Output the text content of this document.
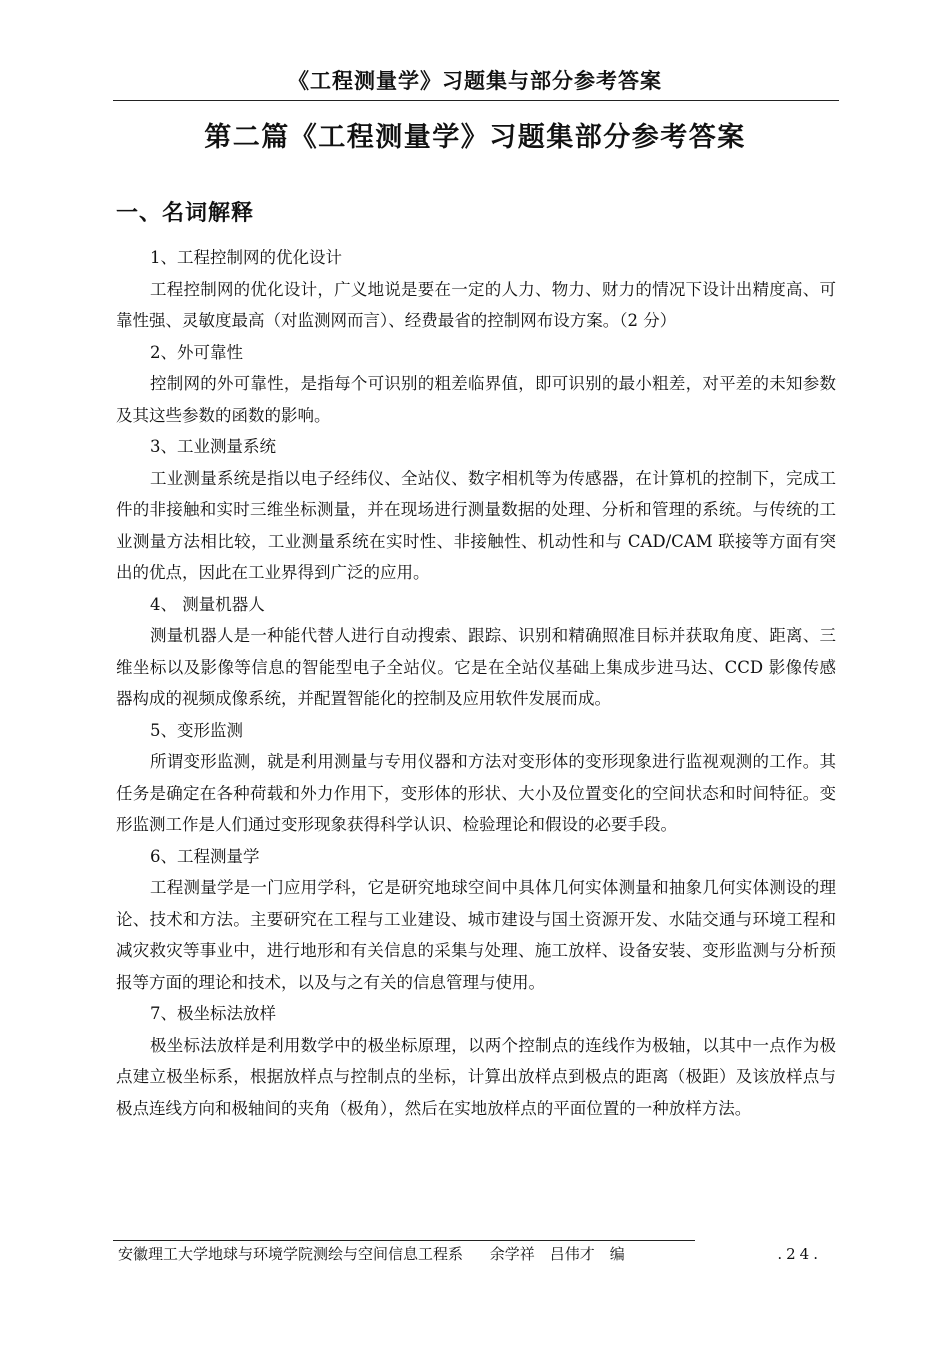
《工程测量学》习题集与部分参考答案
第二篇《工程测量学》习题集部分参考答案
一、名词解释

1、工程控制网的优化设计

工程控制网的优化设计，广义地说是要在一定的人力、物力、财力的情况下设计出精度高、可靠性强、灵敏度最高（对监测网而言）、经费最省的控制网布设方案。（2 分）

2、外可靠性

控制网的外可靠性，是指每个可识别的粗差临界值，即可识别的最小粗差，对平差的未知参数及其这些参数的函数的影响。

3、工业测量系统

工业测量系统是指以电子经纬仪、全站仪、数字相机等为传感器，在计算机的控制下，完成工件的非接触和实时三维坐标测量，并在现场进行测量数据的处理、分析和管理的系统。与传统的工业测量方法相比较，工业测量系统在实时性、非接触性、机动性和与 CAD/CAM 联接等方面有突出的优点，因此在工业界得到广泛的应用。

4、 测量机器人

测量机器人是一种能代替人进行自动搜索、跟踪、识别和精确照准目标并获取角度、距离、三维坐标以及影像等信息的智能型电子全站仪。它是在全站仪基础上集成步进马达、CCD 影像传感器构成的视频成像系统，并配置智能化的控制及应用软件发展而成。

5、变形监测

所谓变形监测，就是利用测量与专用仪器和方法对变形体的变形现象进行监视观测的工作。其任务是确定在各种荷载和外力作用下，变形体的形状、大小及位置变化的空间状态和时间特征。变形监测工作是人们通过变形现象获得科学认识、检验理论和假设的必要手段。

6、工程测量学

工程测量学是一门应用学科，它是研究地球空间中具体几何实体测量和抽象几何实体测设的理论、技术和方法。主要研究在工程与工业建设、城市建设与国土资源开发、水陆交通与环境工程和减灾救灾等事业中，进行地形和有关信息的采集与处理、施工放样、设备安装、变形监测与分析预报等方面的理论和技术，以及与之有关的信息管理与使用。

7、极坐标法放样

极坐标法放样是利用数学中的极坐标原理，以两个控制点的连线作为极轴，以其中一点作为极点建立极坐标系，根据放样点与控制点的坐标，计算出放样点到极点的距离（极距）及该放样点与极点连线方向和极轴间的夹角（极角），然后在实地放样点的平面位置的一种放样方法。

安徽理工大学地球与环境学院测绘与空间信息工程系 余学祥　吕伟才　编	.24.
